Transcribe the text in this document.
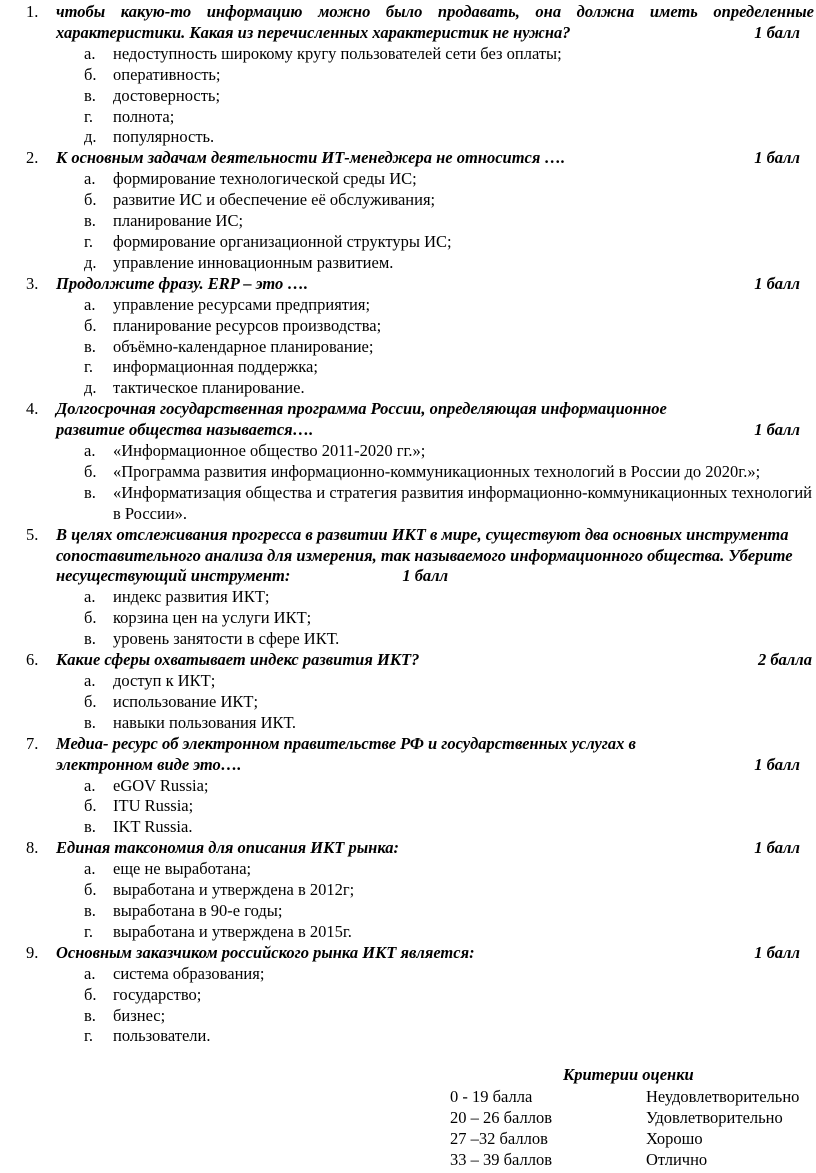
1. чтобы какую-то информацию можно было продавать, она должна иметь определенные характеристики. Какая из перечисленных характеристик не нужна?	1 балл
а. недоступность широкому кругу пользователей сети без оплаты;
б. оперативность;
в. достоверность;
г. полнота;
д. популярность.
2. К основным задачам деятельности ИТ-менеджера не относится ….	1 балл
а. формирование технологической среды ИС;
б. развитие ИС и обеспечение её обслуживания;
в. планирование ИС;
г. формирование организационной структуры ИС;
д. управление инновационным развитием.
3. Продолжите фразу. ERP – это ….	1 балл
а. управление ресурсами предприятия;
б. планирование ресурсов производства;
в. объёмно-календарное планирование;
г. информационная поддержка;
д. тактическое планирование.
4. Долгосрочная государственная программа России, определяющая информационное развитие общества называется….	1 балл
а. «Информационное общество 2011-2020 гг.»;
б. «Программа развития информационно-коммуникационных технологий в России до 2020г.»;
в. «Информатизация общества и стратегия развития информационно-коммуникационных технологий в России».
5. В целях отслеживания прогресса в развитии ИКТ в мире, существуют два основных инструмента сопоставительного анализа для измерения, так называемого информационного общества. Уберите несуществующий инструмент:	1 балл
а. индекс развития ИКТ;
б. корзина цен на услуги ИКТ;
в. уровень занятости в сфере ИКТ.
6. Какие сферы охватывает индекс развития ИКТ?	2 балла
а. доступ к ИКТ;
б. использование ИКТ;
в. навыки пользования ИКТ.
7. Медиа- ресурс об электронном правительстве РФ и государственных услугах в электронном виде это….	1 балл
а. eGOV Russia;
б. ITU Russia;
в. IKT Russia.
8. Единая таксономия для описания ИКТ рынка:	1 балл
а. еще не выработана;
б. выработана и утверждена в 2012г;
в. выработана в 90-е годы;
г. выработана и утверждена в 2015г.
9. Основным заказчиком российского рынка ИКТ является:	1 балл
а. система образования;
б. государство;
в. бизнес;
г. пользователи.
Критерии оценки
0 - 19 балла	Неудовлетворительно
20 – 26 баллов	Удовлетворительно
27 –32 баллов	Хорошо
33 – 39 баллов	Отлично
